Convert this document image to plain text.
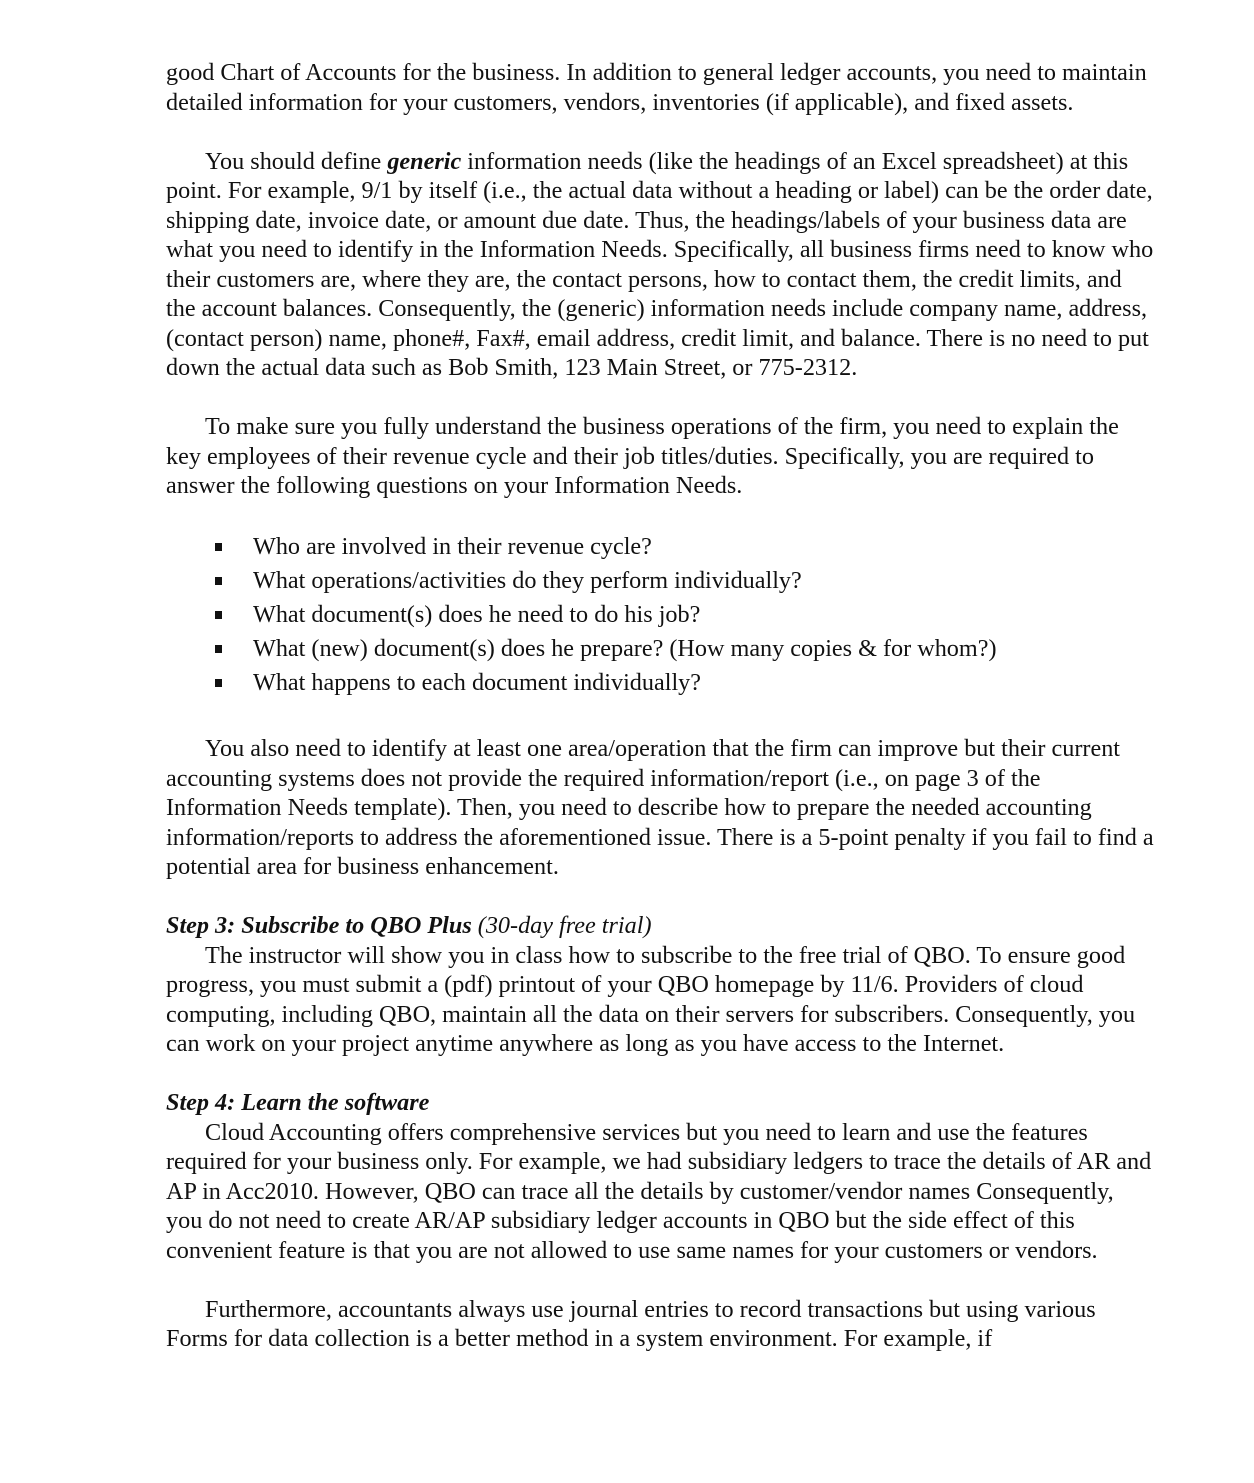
good Chart of Accounts for the business. In addition to general ledger accounts, you need to maintain detailed information for your customers, vendors, inventories (if applicable), and fixed assets.

You should define generic information needs (like the headings of an Excel spreadsheet) at this point. For example, 9/1 by itself (i.e., the actual data without a heading or label) can be the order date, shipping date, invoice date, or amount due date. Thus, the headings/labels of your business data are what you need to identify in the Information Needs. Specifically, all business firms need to know who their customers are, where they are, the contact persons, how to contact them, the credit limits, and the account balances. Consequently, the (generic) information needs include company name, address, (contact person) name, phone#, Fax#, email address, credit limit, and balance. There is no need to put down the actual data such as Bob Smith, 123 Main Street, or 775-2312.

To make sure you fully understand the business operations of the firm, you need to explain the key employees of their revenue cycle and their job titles/duties. Specifically, you are required to answer the following questions on your Information Needs.

Who are involved in their revenue cycle?
What operations/activities do they perform individually?
What document(s) does he need to do his job?
What (new) document(s) does he prepare? (How many copies & for whom?)
What happens to each document individually?

You also need to identify at least one area/operation that the firm can improve but their current accounting systems does not provide the required information/report (i.e., on page 3 of the Information Needs template). Then, you need to describe how to prepare the needed accounting information/reports to address the aforementioned issue. There is a 5-point penalty if you fail to find a potential area for business enhancement.

Step 3: Subscribe to QBO Plus (30-day free trial)

The instructor will show you in class how to subscribe to the free trial of QBO. To ensure good progress, you must submit a (pdf) printout of your QBO homepage by 11/6. Providers of cloud computing, including QBO, maintain all the data on their servers for subscribers. Consequently, you can work on your project anytime anywhere as long as you have access to the Internet.

Step 4: Learn the software

Cloud Accounting offers comprehensive services but you need to learn and use the features required for your business only. For example, we had subsidiary ledgers to trace the details of AR and AP in Acc2010. However, QBO can trace all the details by customer/vendor names Consequently, you do not need to create AR/AP subsidiary ledger accounts in QBO but the side effect of this convenient feature is that you are not allowed to use same names for your customers or vendors.

Furthermore, accountants always use journal entries to record transactions but using various Forms for data collection is a better method in a system environment. For example, if
